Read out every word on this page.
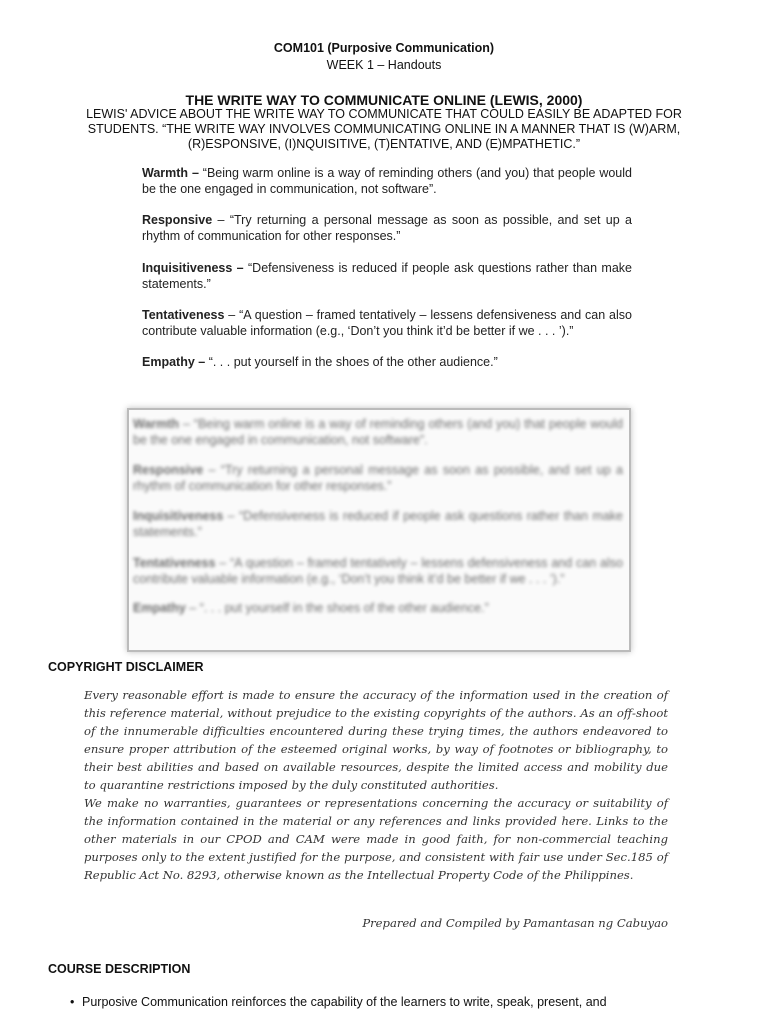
COM101 (Purposive Communication)
WEEK 1 – Handouts
THE WRITE WAY TO COMMUNICATE ONLINE (LEWIS, 2000)
LEWIS' ADVICE ABOUT THE WRITE WAY TO COMMUNICATE THAT COULD EASILY BE ADAPTED FOR STUDENTS. “THE WRITE WAY INVOLVES COMMUNICATING ONLINE IN A MANNER THAT IS (W)ARM, (R)ESPONSIVE, (I)NQUISITIVE, (T)ENTATIVE, AND (E)MPATHETIC.”
Warmth – “Being warm online is a way of reminding others (and you) that people would be the one engaged in communication, not software”.
Responsive – “Try returning a personal message as soon as possible, and set up a rhythm of communication for other responses.”
Inquisitiveness – “Defensiveness is reduced if people ask questions rather than make statements.”
Tentativeness – “A question – framed tentatively – lessens defensiveness and can also contribute valuable information (e.g., ‘Don’t you think it’d be better if we . . . ’).”
Empathy – “. . . put yourself in the shoes of the other audience.”
Warmth – “Being warm online is a way of reminding others (and you) that people would be the one engaged in communication, not software”.
Responsive – “Try returning a personal message as soon as possible, and set up a rhythm of communication for other responses.”
Inquisitiveness – “Defensiveness is reduced if people ask questions rather than make statements.”
Tentativeness – “A question – framed tentatively – lessens defensiveness and can also contribute valuable information (e.g., ‘Don’t you think it’d be better if we . . . ’).”
Empathy – “. . . put yourself in the shoes of the other audience.”
COPYRIGHT DISCLAIMER

Every reasonable effort is made to ensure the accuracy of the information used in the creation of this reference material, without prejudice to the existing copyrights of the authors. As an off-shoot of the innumerable difficulties encountered during these trying times, the authors endeavored to ensure proper attribution of the esteemed original works, by way of footnotes or bibliography, to their best abilities and based on available resources, despite the limited access and mobility due to quarantine restrictions imposed by the duly constituted authorities.

We make no warranties, guarantees or representations concerning the accuracy or suitability of the information contained in the material or any references and links provided here. Links to the other materials in our CPOD and CAM were made in good faith, for non-commercial teaching purposes only to the extent justified for the purpose, and consistent with fair use under Sec.185 of Republic Act No. 8293, otherwise known as the Intellectual Property Code of the Philippines.

Prepared and Compiled by Pamantasan ng Cabuyao
COURSE DESCRIPTION
• Purposive Communication reinforces the capability of the learners to write, speak, present, and
